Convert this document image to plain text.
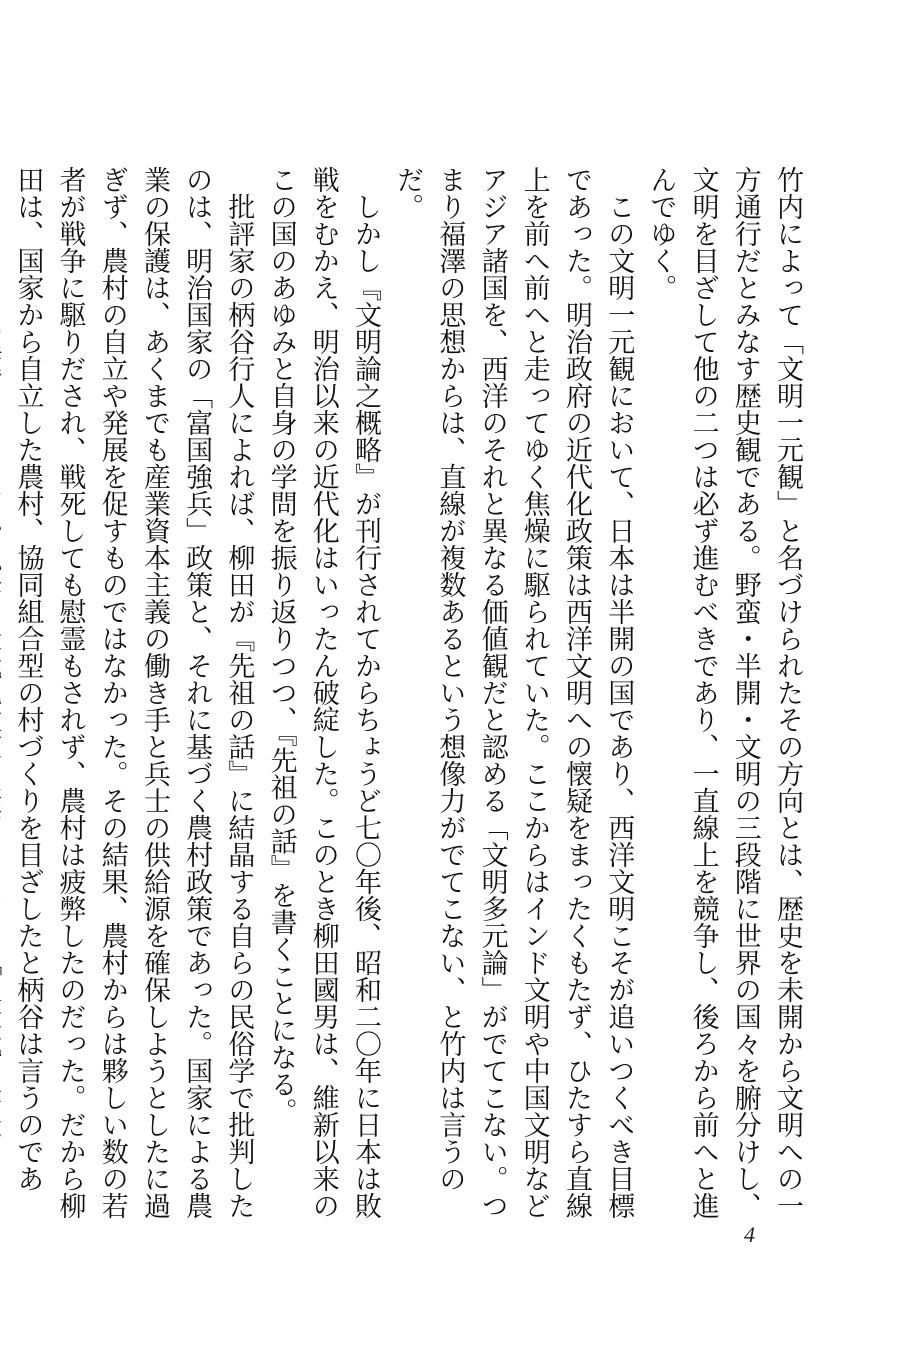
竹内によって「文明一元観」と名づけられたその方向とは、歴史を未開から文明への一方通行だとみなす歴史観である。野蛮・半開・文明の三段階に世界の国々を腑分けし、文明を目ざして他の二つは必ず進むべきであり、一直線上を競争し、後ろから前へと進んでゆく。

この文明一元観において、日本は半開の国であり、西洋文明こそが追いつくべき目標であった。明治政府の近代化政策は西洋文明への懐疑をまったくもたず、ひたすら直線上を前へ前へと走ってゆく焦燥に駆られていた。ここからはインド文明や中国文明などアジア諸国を、西洋のそれと異なる価値観だと認める「文明多元論」がでてこない。つまり福澤の思想からは、直線が複数あるという想像力がでてこない、と竹内は言うのだ。

しかし『文明論之概略』が刊行されてからちょうど七〇年後、昭和二〇年に日本は敗戦をむかえ、明治以来の近代化はいったん破綻した。このとき柳田國男は、維新以来のこの国のあゆみと自身の学問を振り返りつつ、『先祖の話』を書くことになる。

批評家の柄谷行人によれば、柳田が『先祖の話』に結晶する自らの民俗学で批判したのは、明治国家の「富国強兵」政策と、それに基づく農村政策であった。国家による農業の保護は、あくまでも産業資本主義の働き手と兵士の供給源を確保しようとしたに過ぎず、農村の自立や発展を促すものではなかった。その結果、農村からは夥しい数の若者が戦争に駆りだされ、戦死しても慰霊もされず、農村は疲弊したのだった。だから柳田は、国家から自立した農村、協同組合型の村づくりを目ざしたと柄谷は言うのであ

4
